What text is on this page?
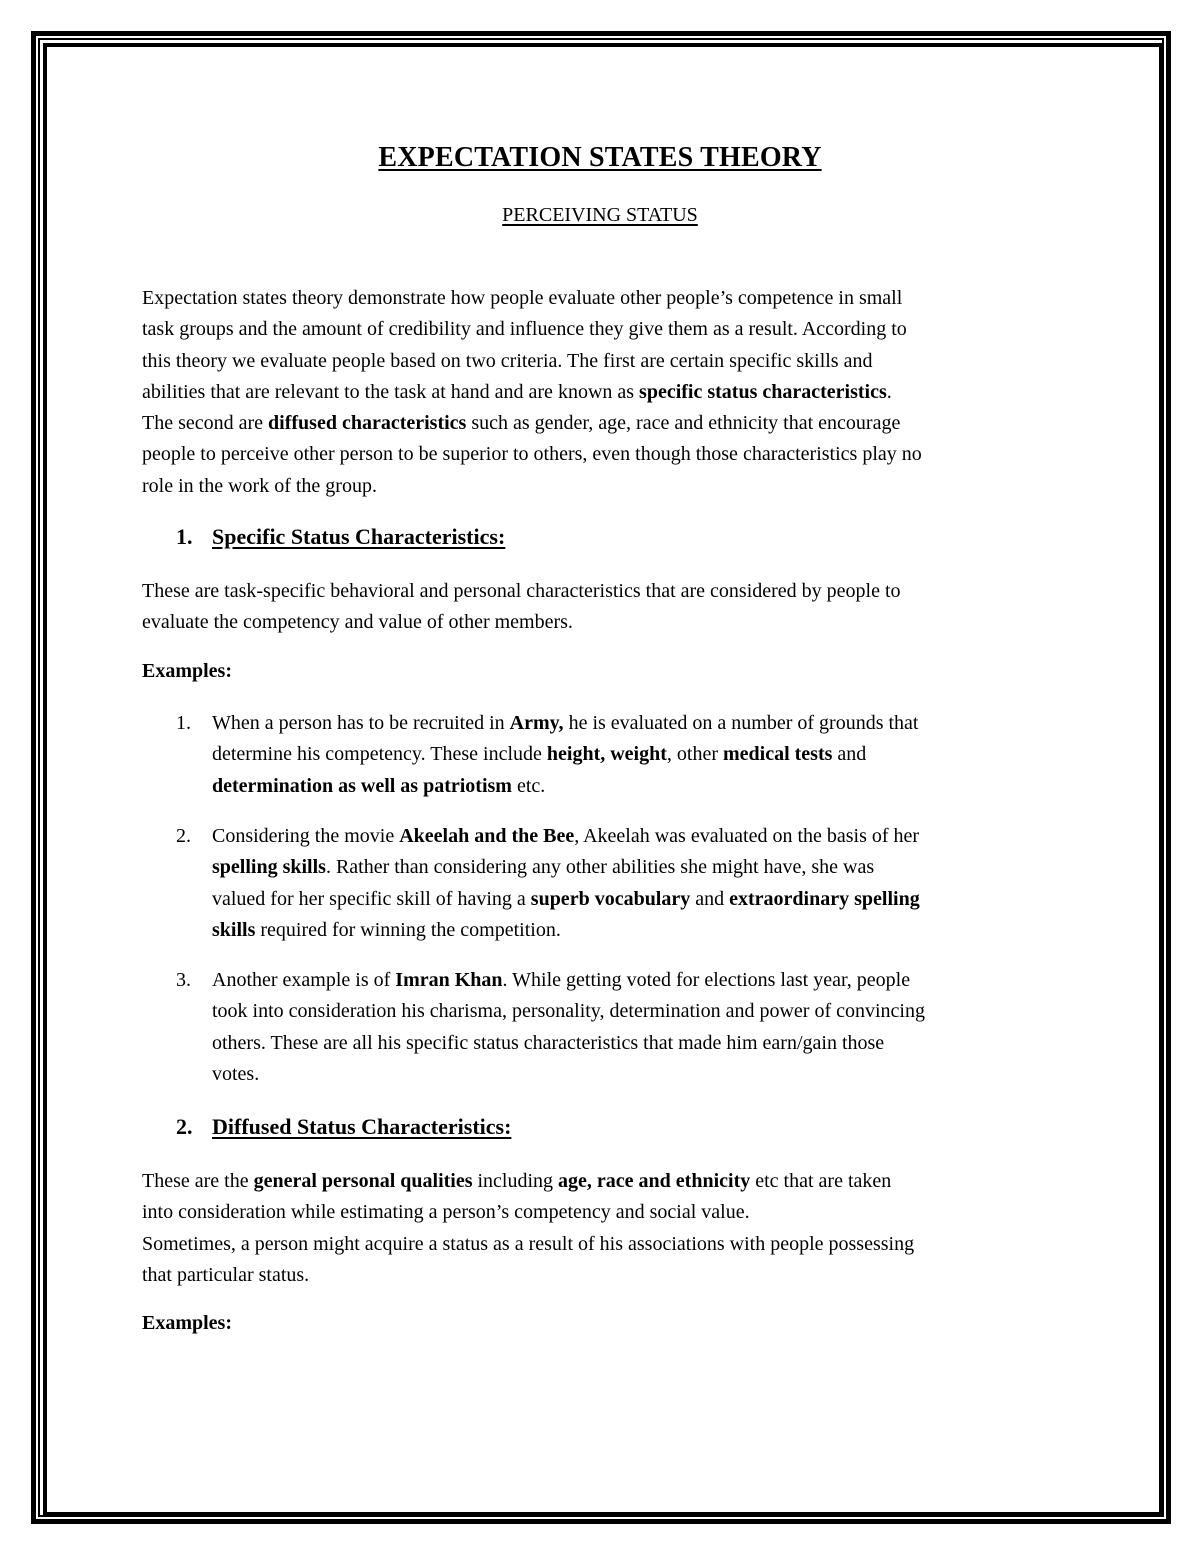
EXPECTATION STATES THEORY
PERCEIVING STATUS
Expectation states theory demonstrate how people evaluate other people’s competence in small
task groups and the amount of credibility and influence they give them as a result. According to
this theory we evaluate people based on two criteria. The first are certain specific skills and
abilities that are relevant to the task at hand and are known as specific status characteristics.
The second are diffused characteristics such as gender, age, race and ethnicity that encourage
people to perceive other person to be superior to others, even though those characteristics play no
role in the work of the group.
1. Specific Status Characteristics:
These are task-specific behavioral and personal characteristics that are considered by people to
evaluate the competency and value of other members.
Examples:
1. When a person has to be recruited in Army, he is evaluated on a number of grounds that
determine his competency. These include height, weight, other medical tests and
determination as well as patriotism etc.
2. Considering the movie Akeelah and the Bee, Akeelah was evaluated on the basis of her
spelling skills. Rather than considering any other abilities she might have, she was
valued for her specific skill of having a superb vocabulary and extraordinary spelling
skills required for winning the competition.
3. Another example is of Imran Khan. While getting voted for elections last year, people
took into consideration his charisma, personality, determination and power of convincing
others. These are all his specific status characteristics that made him earn/gain those
votes.
2. Diffused Status Characteristics:
These are the general personal qualities including age, race and ethnicity etc that are taken
into consideration while estimating a person’s competency and social value.
Sometimes, a person might acquire a status as a result of his associations with people possessing
that particular status.
Examples:
